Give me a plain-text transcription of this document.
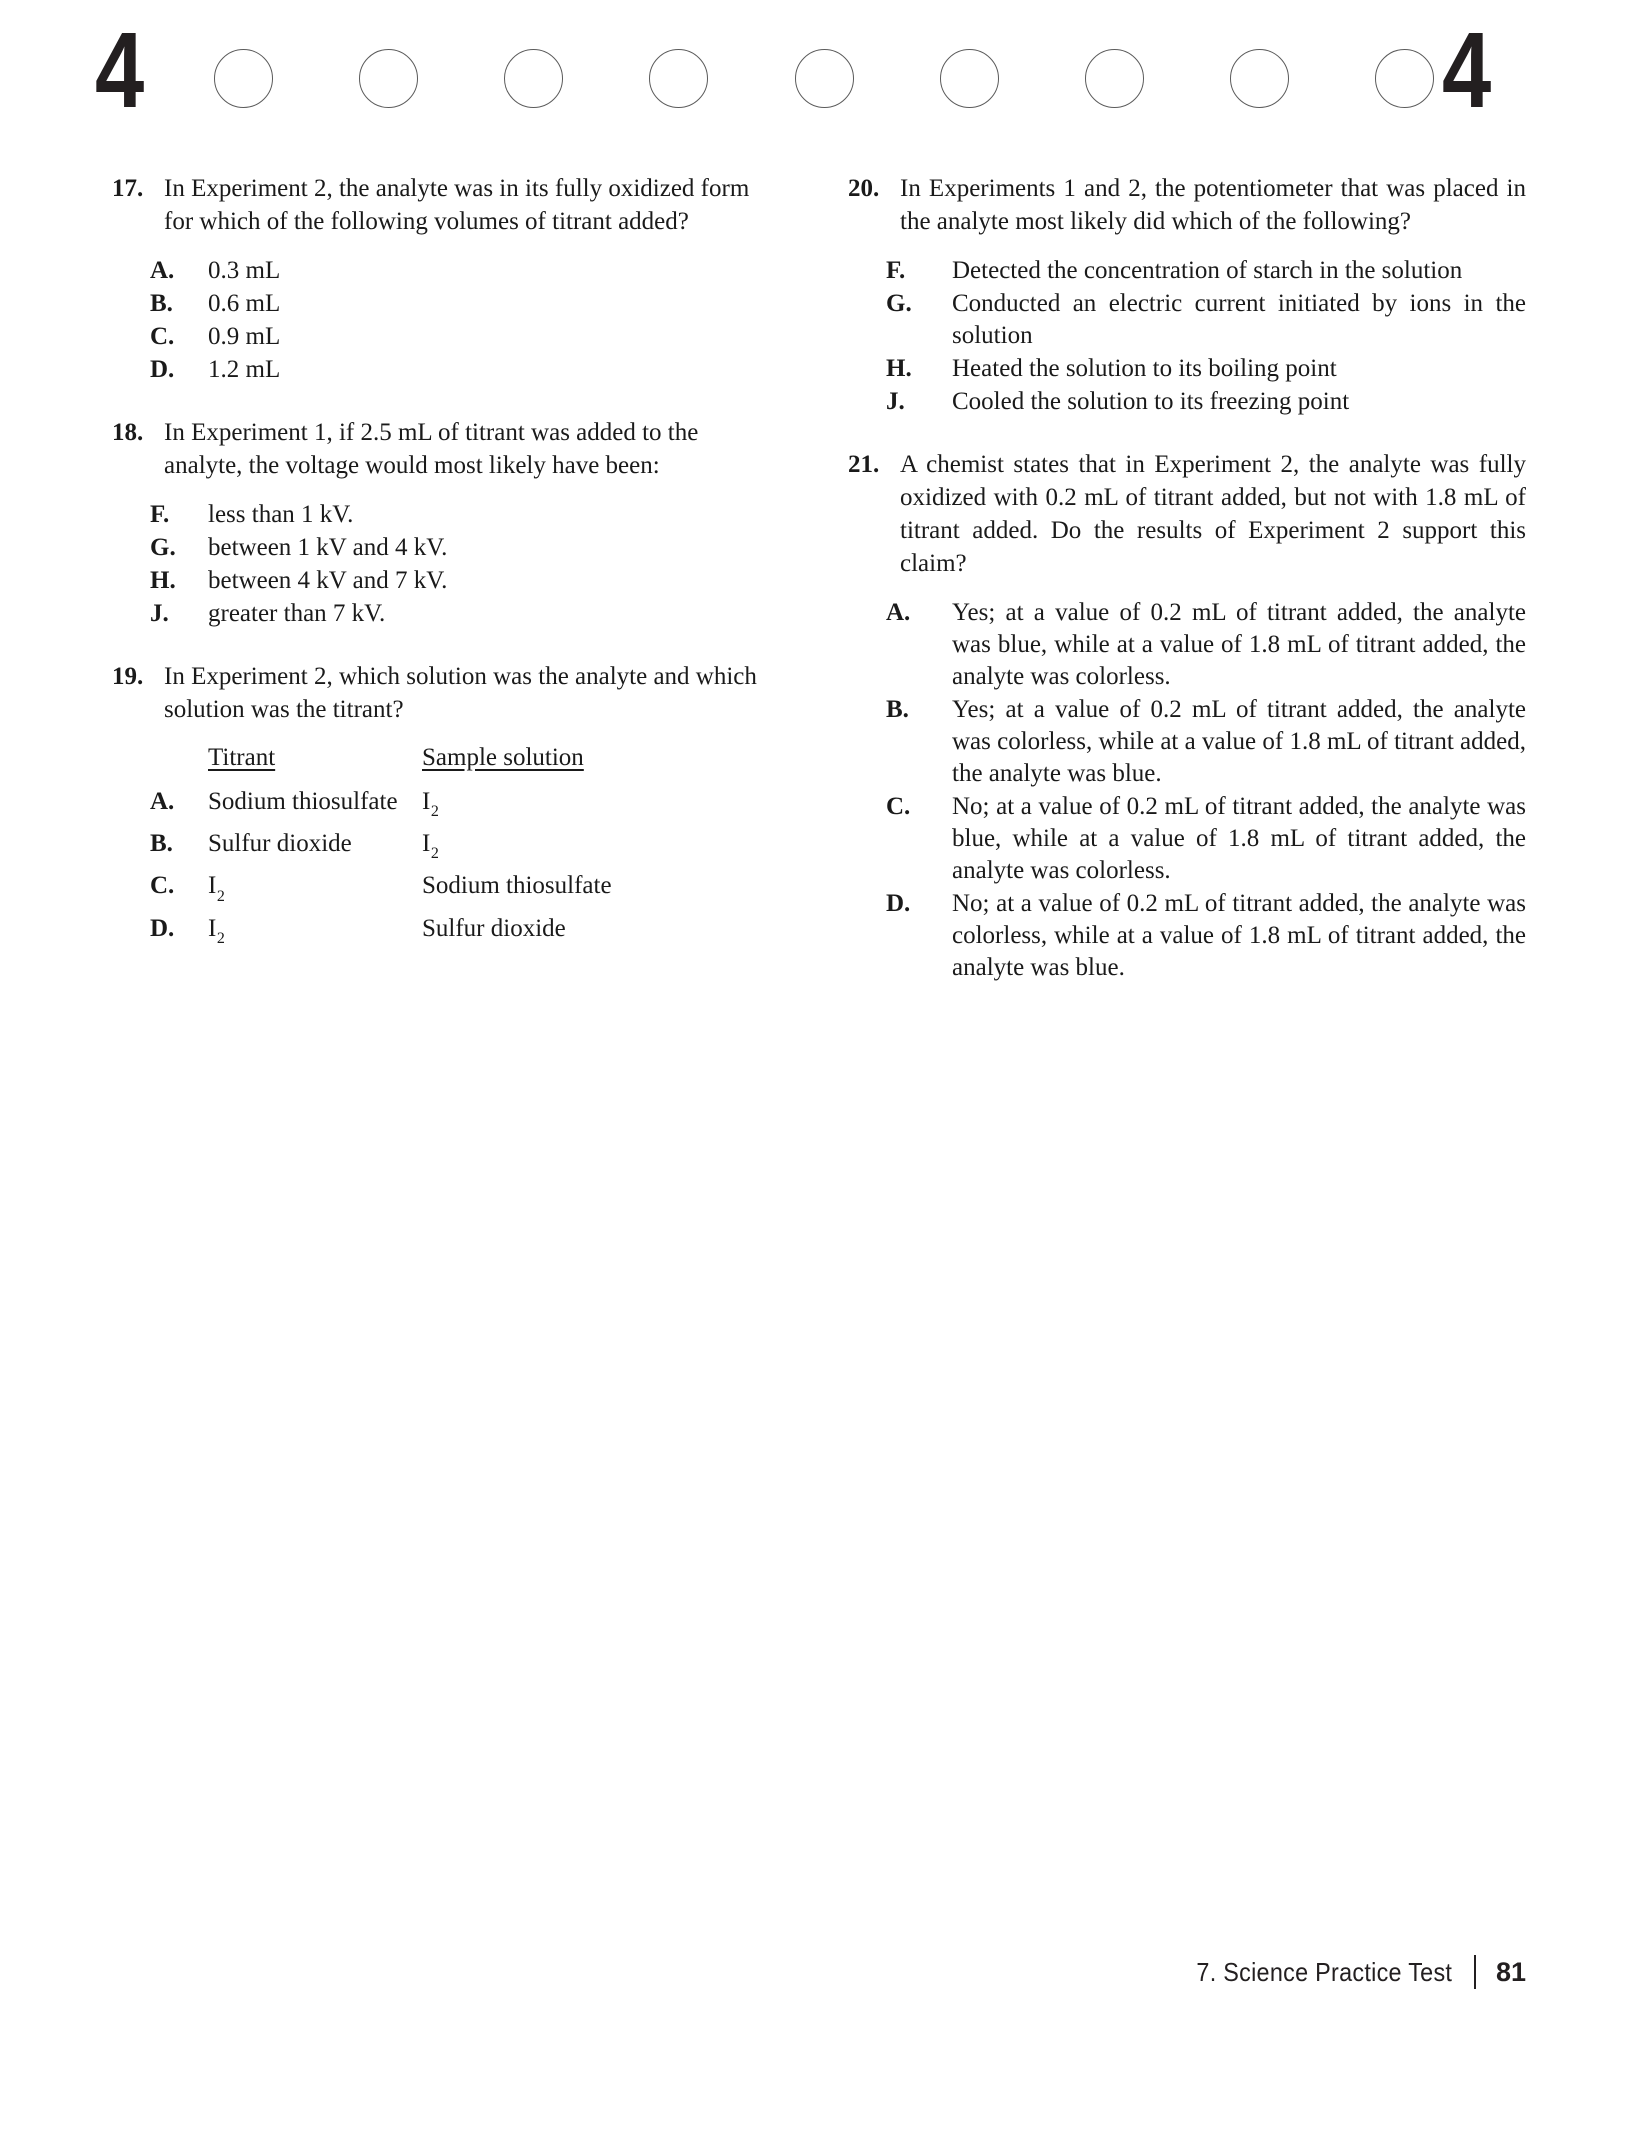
4	4
17. In Experiment 2, the analyte was in its fully oxidized form for which of the following volumes of titrant added?
A.	0.3 mL
B.	0.6 mL
C.	0.9 mL
D.	1.2 mL
18. In Experiment 1, if 2.5 mL of titrant was added to the analyte, the voltage would most likely have been:
F.	less than 1 kV.
G.	between 1 kV and 4 kV.
H.	between 4 kV and 7 kV.
J.	greater than 7 kV.
19. In Experiment 2, which solution was the analyte and which solution was the titrant?
Titrant	Sample solution
A.	Sodium thiosulfate $I_2$
B.	Sulfur dioxide	$I_2$
C.	$I_2$	Sodium thiosulfate
D.	$I_2$	Sulfur dioxide
20. In Experiments 1 and 2, the potentiometer that was placed in the analyte most likely did which of the following?
F.	Detected the concentration of starch in the solution
G.	Conducted an electric current initiated by ions in the solution
H.	Heated the solution to its boiling point
J.	Cooled the solution to its freezing point
21. A chemist states that in Experiment 2, the analyte was fully oxidized with 0.2 mL of titrant added, but not with 1.8 mL of titrant added. Do the results of Experiment 2 support this claim?
A.	Yes; at a value of 0.2 mL of titrant added, the analyte was blue, while at a value of 1.8 mL of titrant added, the analyte was colorless.
B.	Yes; at a value of 0.2 mL of titrant added, the analyte was colorless, while at a value of 1.8 mL of titrant added, the analyte was blue.
C.	No; at a value of 0.2 mL of titrant added, the analyte was blue, while at a value of 1.8 mL of titrant added, the analyte was colorless.
D.	No; at a value of 0.2 mL of titrant added, the analyte was colorless, while at a value of 1.8 mL of titrant added, the analyte was blue.
7. Science Practice Test 81
